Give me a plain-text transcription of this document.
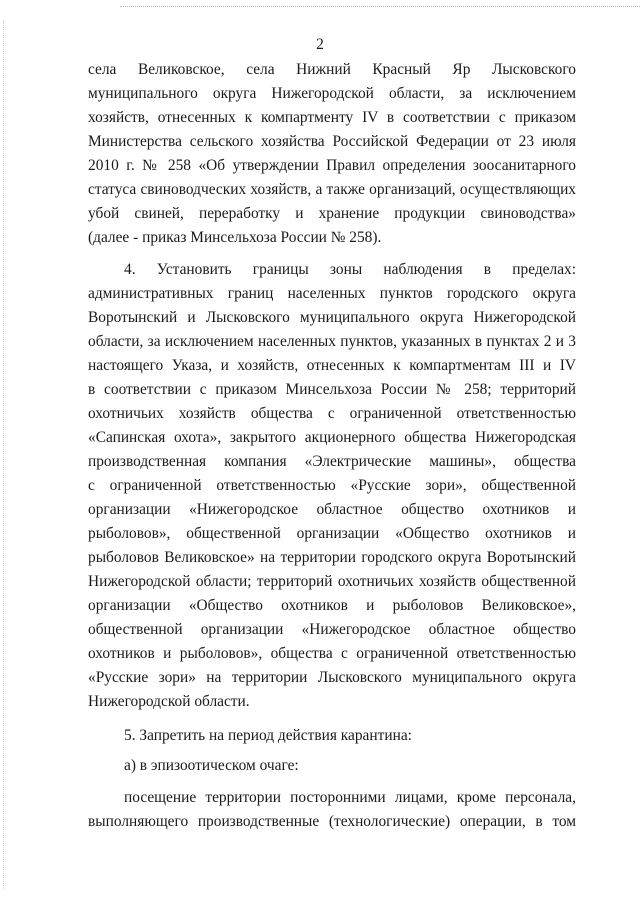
2
села Великовское, села Нижний Красный Яр Лысковского
муниципального округа Нижегородской области, за исключением
хозяйств, отнесенных к компартменту IV в соответствии с приказом
Министерства сельского хозяйства Российской Федерации от 23 июля
2010 г. № 258 «Об утверждении Правил определения зоосанитарного
статуса свиноводческих хозяйств, а также организаций, осуществляющих
убой свиней, переработку и хранение продукции свиноводства»
(далее - приказ Минсельхоза России № 258).
4. Установить границы зоны наблюдения в пределах:
административных границ населенных пунктов городского округа
Воротынский и Лысковского муниципального округа Нижегородской
области, за исключением населенных пунктов, указанных в пунктах 2 и 3
настоящего Указа, и хозяйств, отнесенных к компартментам III и IV
в соответствии с приказом Минсельхоза России № 258; территорий
охотничьих хозяйств общества с ограниченной ответственностью
«Сапинская охота», закрытого акционерного общества Нижегородская
производственная компания «Электрические машины», общества
с ограниченной ответственностью «Русские зори», общественной
организации «Нижегородское областное общество охотников и
рыболовов», общественной организации «Общество охотников и
рыболовов Великовское» на территории городского округа Воротынский
Нижегородской области; территорий охотничьих хозяйств общественной
организации «Общество охотников и рыболовов Великовское»,
общественной организации «Нижегородское областное общество
охотников и рыболовов», общества с ограниченной ответственностью
«Русские зори» на территории Лысковского муниципального округа
Нижегородской области.
5. Запретить на период действия карантина:
а) в эпизоотическом очаге:
посещение территории посторонними лицами, кроме персонала,
выполняющего производственные (технологические) операции, в том
